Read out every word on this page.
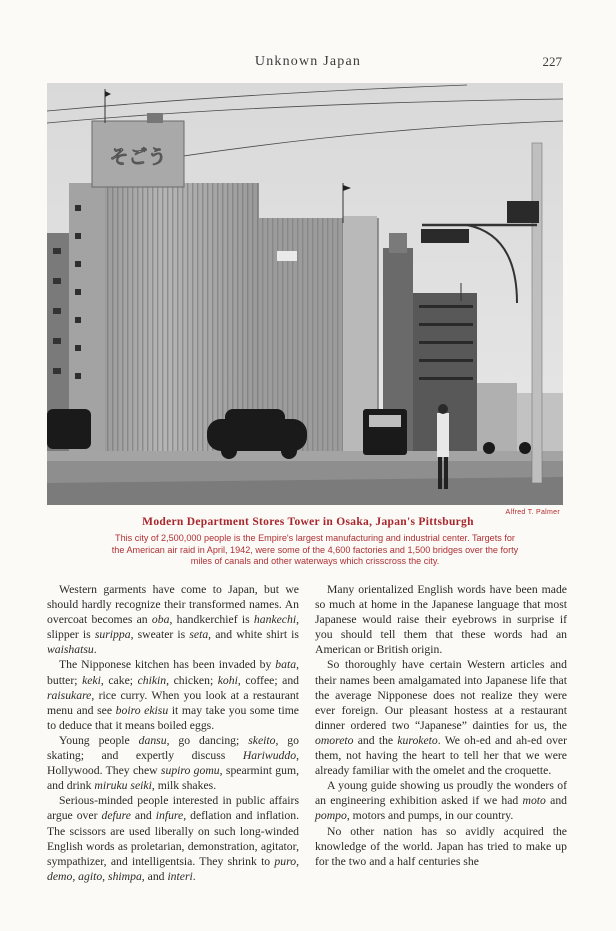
Unknown Japan	227
そごう
Alfred T. Palmer
Modern Department Stores Tower in Osaka, Japan's Pittsburgh
This city of 2,500,000 people is the Empire's largest manufacturing and industrial center. Targets for
the American air raid in April, 1942, were some of the 4,600 factories and 1,500 bridges over the forty
miles of canals and other waterways which crisscross the city.

Western garments have come to Japan, but we should hardly recognize their transformed names. An overcoat becomes an oba, handkerchief is hankechi, slipper is surippa, sweater is seta, and white shirt is waishatsu.

The Nipponese kitchen has been invaded by bata, butter; keki, cake; chikin, chicken; kohi, coffee; and raisukare, rice curry. When you look at a restaurant menu and see boiro ekisu it may take you some time to deduce that it means boiled eggs.

Young people dansu, go dancing; skeito, go skating; and expertly discuss Hariwuddo, Hollywood. They chew supiro gomu, spearmint gum, and drink miruku seiki, milk shakes.

Serious-minded people interested in public affairs argue over defure and infure, deflation and inflation. The scissors are used liberally on such long-winded English words as proletarian, demonstration, agitator, sympathizer, and intelligentsia. They shrink to puro, demo, agito, shimpa, and interi.

Many orientalized English words have been made so much at home in the Japanese language that most Japanese would raise their eyebrows in surprise if you should tell them that these words had an American or British origin.

So thoroughly have certain Western articles and their names been amalgamated into Japanese life that the average Nipponese does not realize they were ever foreign. Our pleasant hostess at a restaurant dinner ordered two “Japanese” dainties for us, the omoreto and the kuroketo. We oh-ed and ah-ed over them, not having the heart to tell her that we were already familiar with the omelet and the croquette.

A young guide showing us proudly the wonders of an engineering exhibition asked if we had moto and pompo, motors and pumps, in our country.

No other nation has so avidly acquired the knowledge of the world. Japan has tried to make up for the two and a half centuries she
